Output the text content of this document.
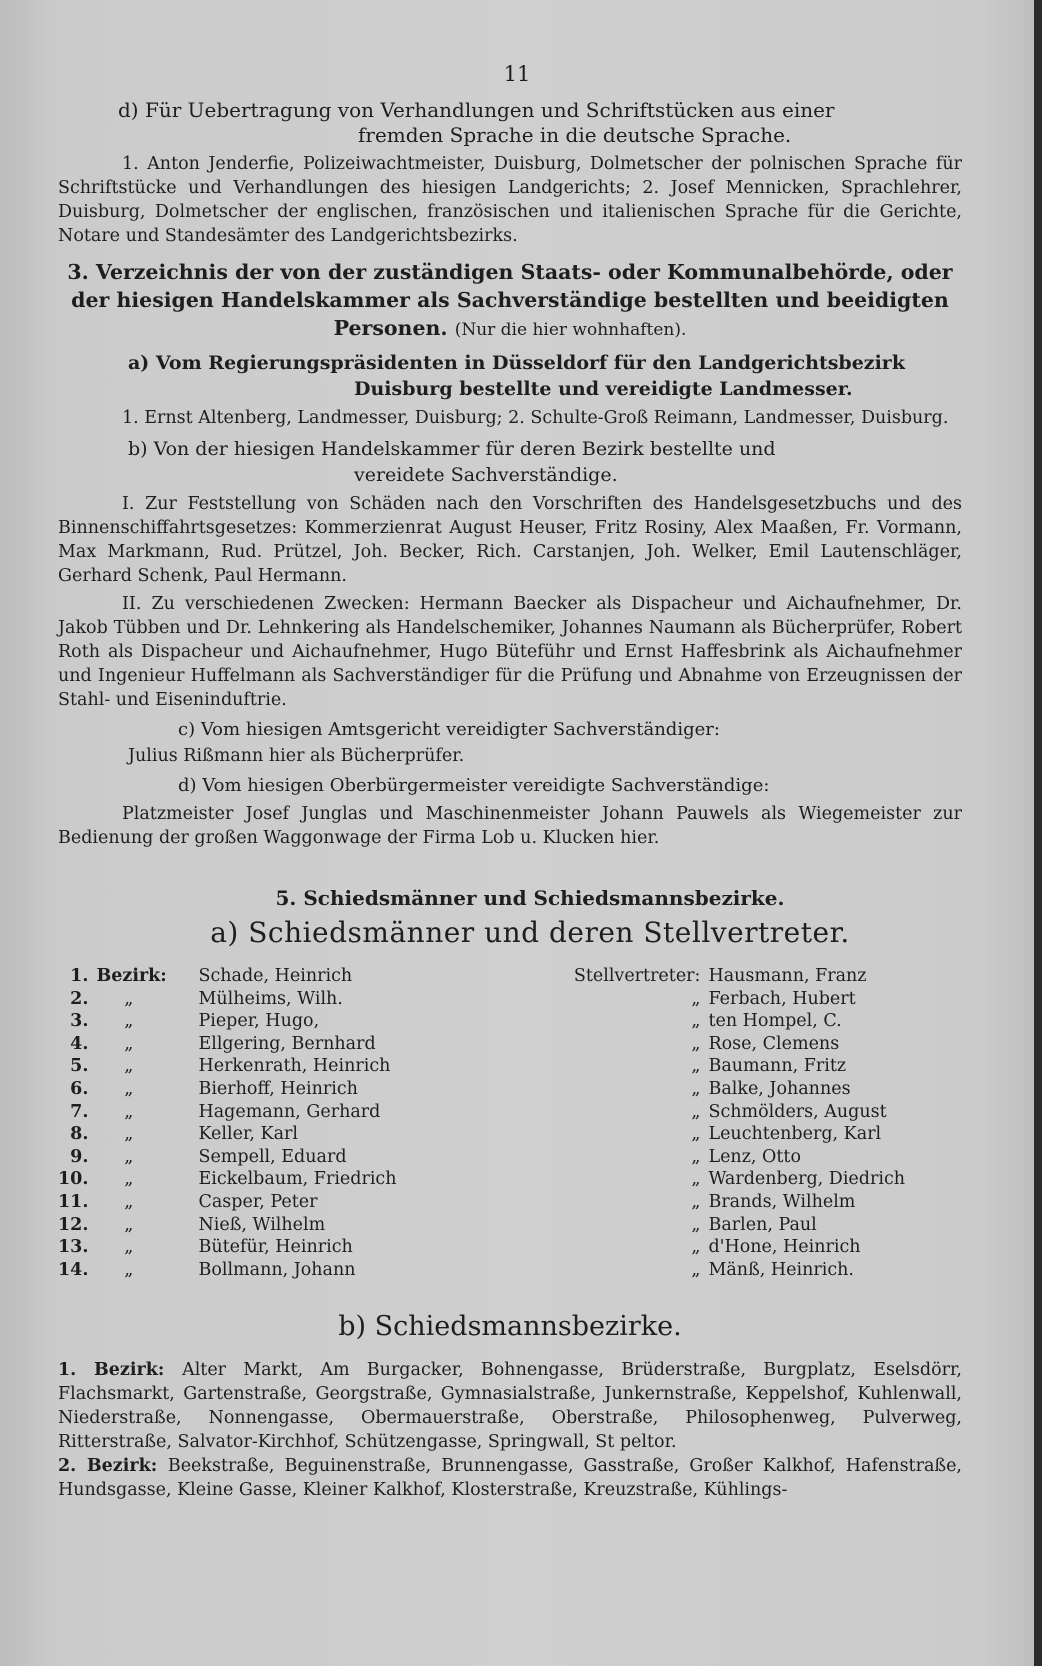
11

d) Für Uebertragung von Verhandlungen und Schriftstücken aus einer

fremden Sprache in die deutsche Sprache.

1. Anton Jenderfie, Polizeiwachtmeister, Duisburg, Dolmetscher der polnischen Sprache für Schriftstücke und Verhandlungen des hiesigen Landgerichts; 2. Josef Mennicken, Sprachlehrer, Duisburg, Dolmetscher der englischen, französischen und italienischen Sprache für die Gerichte, Notare und Standesämter des Landgerichtsbezirks.

3. Verzeichnis der von der zuständigen Staats- oder Kommunalbehörde, oder der hiesigen Handelskammer als Sachverständige bestellten und beeidigten Personen. (Nur die hier wohnhaften).

a) Vom Regierungspräsidenten in Düsseldorf für den Landgerichtsbezirk
Duisburg bestellte und vereidigte Landmesser.

1. Ernst Altenberg, Landmesser, Duisburg; 2. Schulte-Groß Reimann, Landmesser, Duisburg.

b) Von der hiesigen Handelskammer für deren Bezirk bestellte und
vereidete Sachverständige.

I. Zur Feststellung von Schäden nach den Vorschriften des Handelsgesetzbuchs und des Binnenschiffahrtsgesetzes: Kommerzienrat August Heuser, Fritz Rosiny, Alex Maaßen, Fr. Vormann, Max Markmann, Rud. Prützel, Joh. Becker, Rich. Carstanjen, Joh. Welker, Emil Lautenschläger, Gerhard Schenk, Paul Hermann.

II. Zu verschiedenen Zwecken: Hermann Baecker als Dispacheur und Aichaufnehmer, Dr. Jakob Tübben und Dr. Lehnkering als Handelschemiker, Johannes Naumann als Bücherprüfer, Robert Roth als Dispacheur und Aichaufnehmer, Hugo Büteführ und Ernst Haffesbrink als Aichaufnehmer und Ingenieur Huffelmann als Sachverständiger für die Prüfung und Abnahme von Erzeugnissen der Stahl- und Eiseninduftrie.

c) Vom hiesigen Amtsgericht vereidigter Sachverständiger:

Julius Rißmann hier als Bücherprüfer.

d) Vom hiesigen Oberbürgermeister vereidigte Sachverständige:

Platzmeister Josef Junglas und Maschinenmeister Johann Pauwels als Wiegemeister zur Bedienung der großen Waggonwage der Firma Lob u. Klucken hier.

5. Schiedsmänner und Schiedsmannsbezirke.

a) Schiedsmänner und deren Stellvertreter.

1.	Bezirk:	Schade, Heinrich	Stellvertreter:	Hausmann, Franz
2.	„	Mülheims, Wilh.	„	Ferbach, Hubert
3.	„	Pieper, Hugo,	„	ten Hompel, C.
4.	„	Ellgering, Bernhard	„	Rose, Clemens
5.	„	Herkenrath, Heinrich	„	Baumann, Fritz
6.	„	Bierhoff, Heinrich	„	Balke, Johannes
7.	„	Hagemann, Gerhard	„	Schmölders, August
8.	„	Keller, Karl	„	Leuchtenberg, Karl
9.	„	Sempell, Eduard	„	Lenz, Otto
10.	„	Eickelbaum, Friedrich	„	Wardenberg, Diedrich
11.	„	Casper, Peter	„	Brands, Wilhelm
12.	„	Nieß, Wilhelm	„	Barlen, Paul
13.	„	Bütefür, Heinrich	„	d'Hone, Heinrich
14.	„	Bollmann, Johann	„	Mänß, Heinrich.

b) Schiedsmannsbezirke.

1. Bezirk: Alter Markt, Am Burgacker, Bohnengasse, Brüderstraße, Burgplatz, Eselsdörr, Flachsmarkt, Gartenstraße, Georgstraße, Gymnasialstraße, Junkernstraße, Keppelshof, Kuhlenwall, Niederstraße, Nonnengasse, Obermauerstraße, Oberstraße, Philosophenweg, Pulverweg, Ritterstraße, Salvator-Kirchhof, Schützengasse, Springwall, St peltor.

2. Bezirk: Beekstraße, Beguinenstraße, Brunnengasse, Gasstraße, Großer Kalkhof, Hafenstraße, Hundsgasse, Kleine Gasse, Kleiner Kalkhof, Klosterstraße, Kreuzstraße, Kühlings-
